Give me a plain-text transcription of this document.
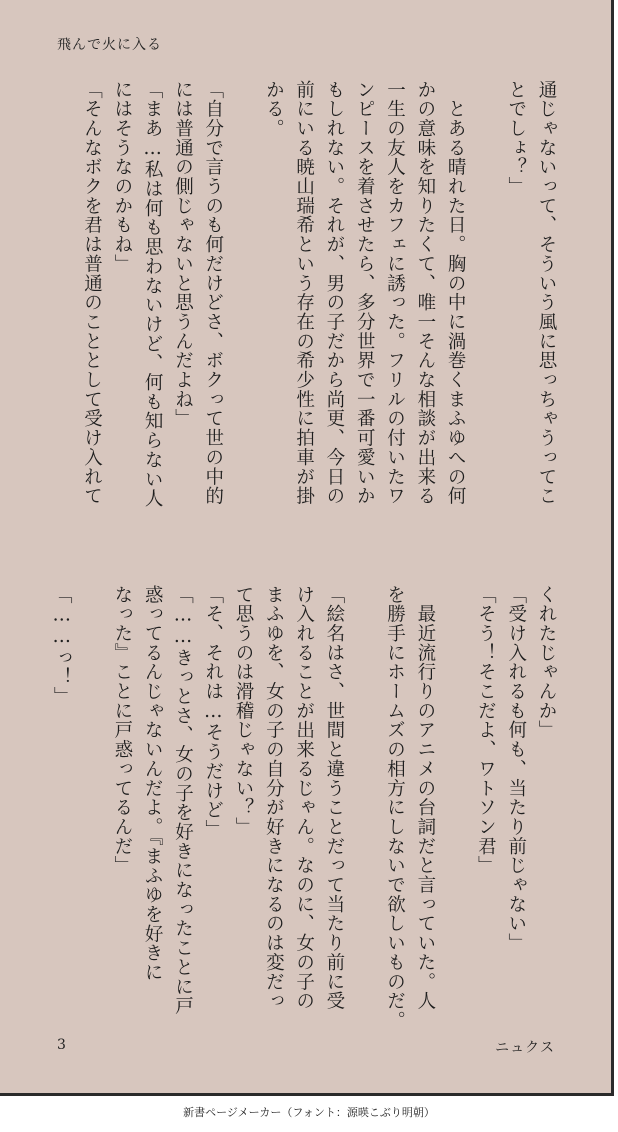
飛んで火に入る
通じゃないって、そういう風に思っちゃうってこ
とでしょ？」
　とある晴れた日。胸の中に渦巻くまふゆへの何
かの意味を知りたくて、唯一そんな相談が出来る
一生の友人をカフェに誘った。フリルの付いたワ
ンピースを着させたら、多分世界で一番可愛いか
もしれない。それが、男の子だから尚更、今日の
前にいる暁山瑞希という存在の希少性に拍車が掛
かる。
「自分で言うのも何だけどさ、ボクって世の中的
には普通の側じゃないと思うんだよね」
「まあ…私は何も思わないけど、何も知らない人
にはそうなのかもね」
「そんなボクを君は普通のこととして受け入れて
くれたじゃんか」
「受け入れるも何も、当たり前じゃない」
「そう！そこだよ、ワトソン君」
　最近流行りのアニメの台詞だと言っていた。人
を勝手にホームズの相方にしないで欲しいものだ。
「絵名はさ、世間と違うことだって当たり前に受
け入れることが出来るじゃん。なのに、女の子の
まふゆを、女の子の自分が好きになるのは変だっ
て思うのは滑稽じゃない？」
「そ、それは…そうだけど」
「……きっとさ、女の子を好きになったことに戸
惑ってるんじゃないんだよ。『まふゆを好きに
なった』ことに戸惑ってるんだ」
「……っ！」
3	ニュクス
新書ページメーカー（フォント：源暎こぶり明朝）
